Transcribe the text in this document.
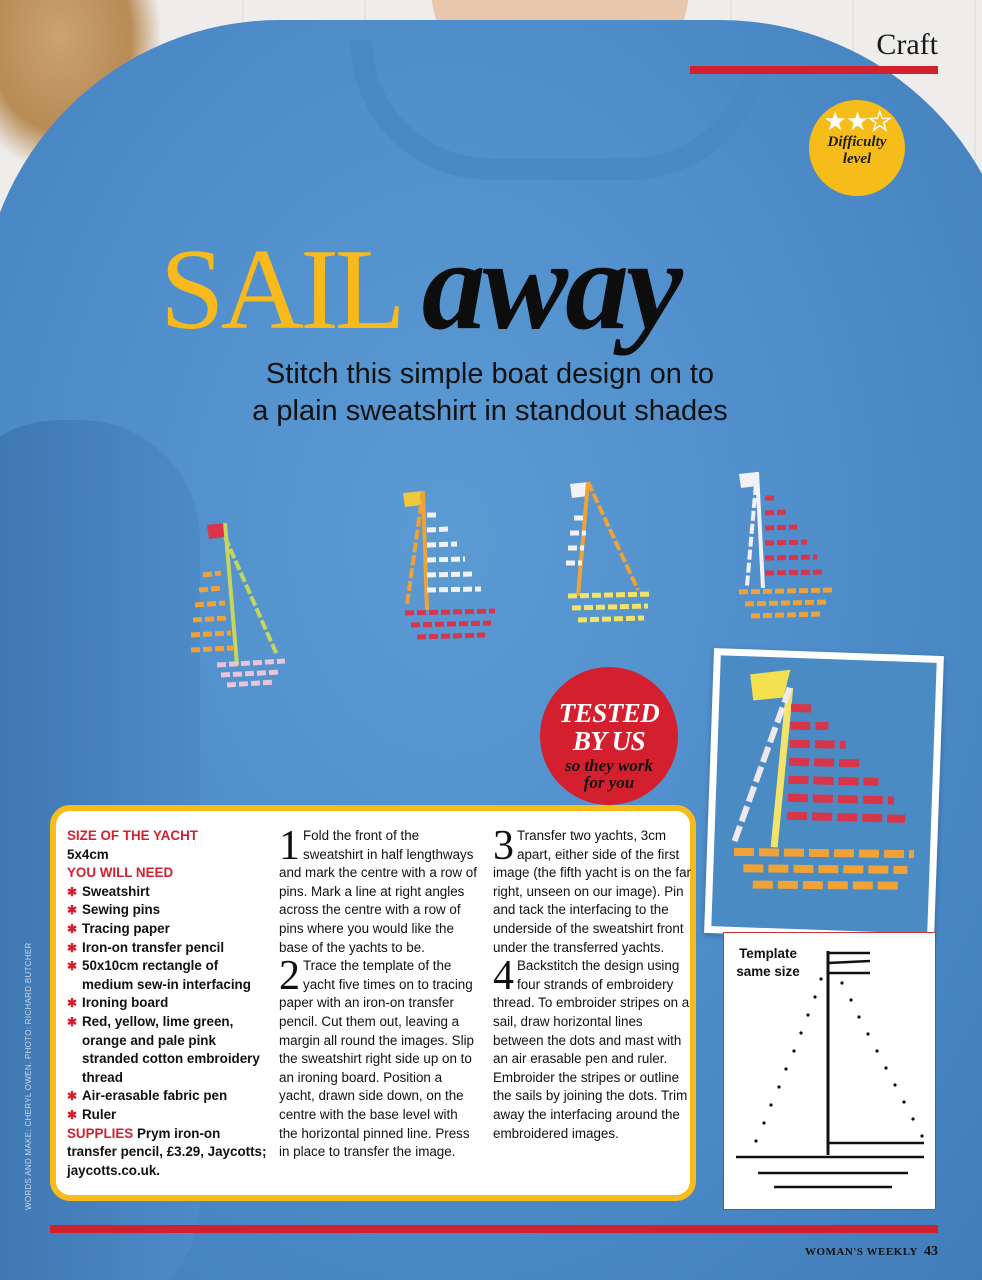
WORDS AND MAKE: CHERYL OWEN. PHOTO: RICHARD BUTCHER
Craft
★★★
Difficulty
level
SAIL away
Stitch this simple boat design on to
a plain sweatshirt in standout shades
TESTED
BY US
so they work
for you
SIZE OF THE YACHT
5x4cm
YOU WILL NEED
✱ Sweatshirt
✱ Sewing pins
✱ Tracing paper
✱ Iron-on transfer pencil
✱ 50x10cm rectangle of medium sew-in interfacing
✱ Ironing board
✱ Red, yellow, lime green, orange and pale pink stranded cotton embroidery thread
✱ Air-erasable fabric pen
✱ Ruler
SUPPLIES Prym iron-on transfer pencil, £3.29, Jaycotts; jaycotts.co.uk.

1 Fold the front of the sweatshirt in half lengthways and mark the centre with a row of pins. Mark a line at right angles across the centre with a row of pins where you would like the base of the yachts to be.

2 Trace the template of the yacht five times on to tracing paper with an iron-on transfer pencil. Cut them out, leaving a margin all round the images. Slip the sweatshirt right side up on to an ironing board. Position a yacht, drawn side down, on the centre with the base level with the horizontal pinned line. Press in place to transfer the image.

3 Transfer two yachts, 3cm apart, either side of the first image (the fifth yacht is on the far right, unseen on our image). Pin and tack the interfacing to the underside of the sweatshirt front under the transferred yachts.

4 Backstitch the design using four strands of embroidery thread. To embroider stripes on a sail, draw horizontal lines between the dots and mast with an air erasable pen and ruler. Embroider the stripes or outline the sails by joining the dots. Trim away the interfacing around the embroidered images.

Template
same size
WOMAN'S WEEKLY 43
